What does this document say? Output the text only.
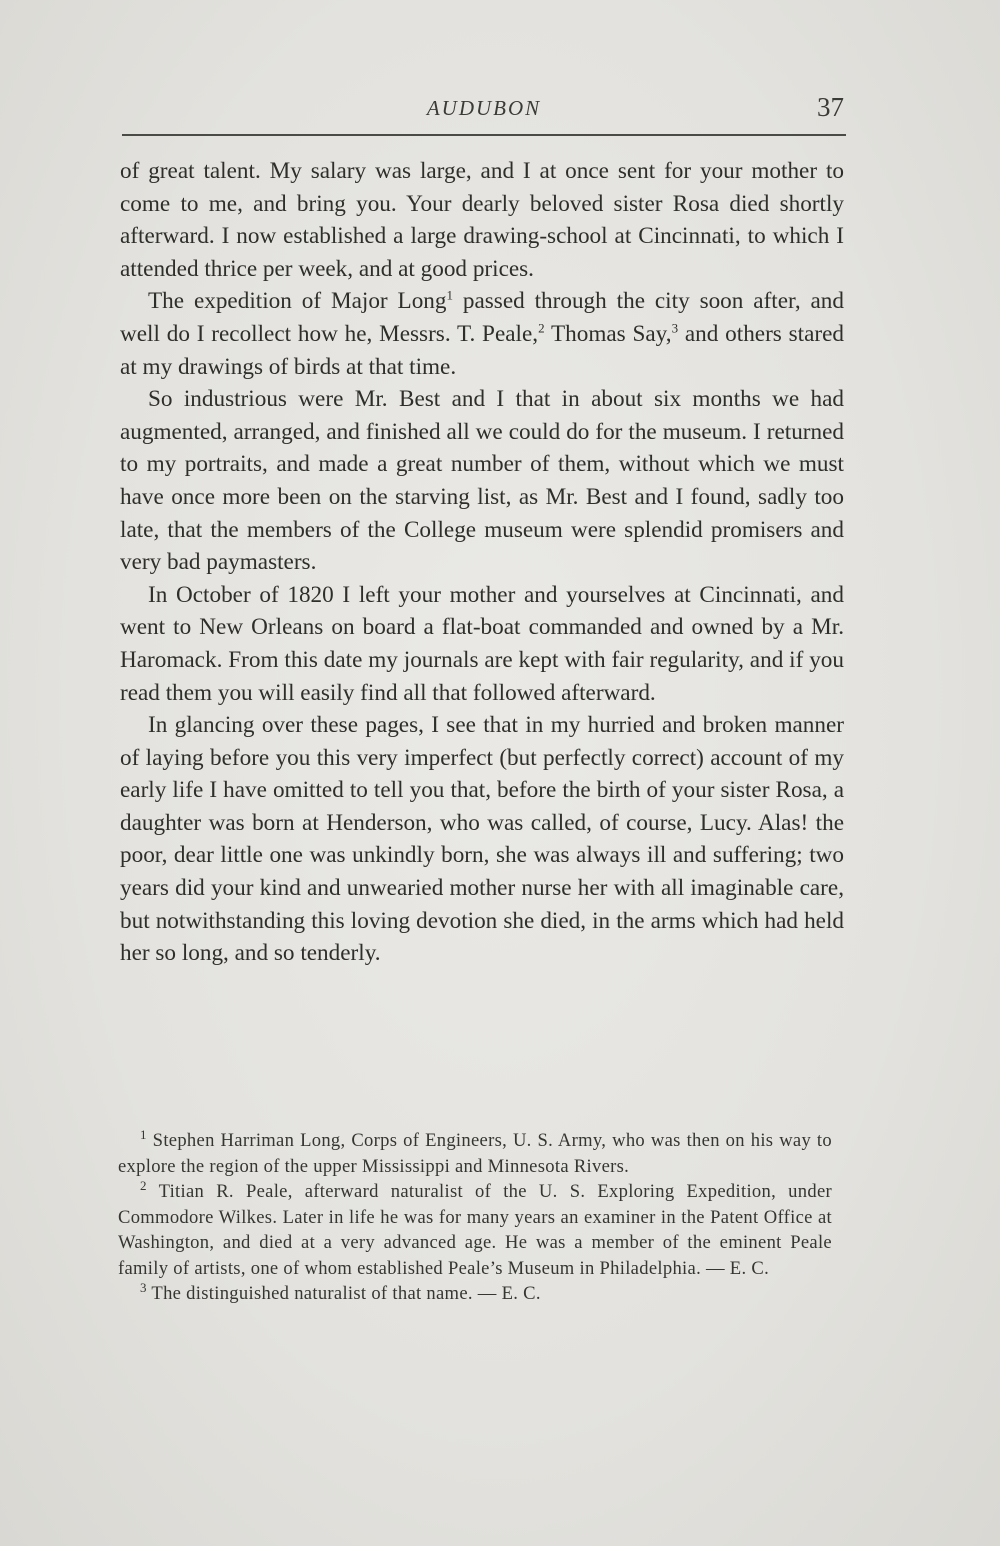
AUDUBON	37

of great talent. My salary was large, and I at once sent for your mother to come to me, and bring you. Your dearly beloved sister Rosa died shortly afterward. I now established a large drawing-school at Cincinnati, to which I attended thrice per week, and at good prices.

The expedition of Major Long$^1$ passed through the city soon after, and well do I recollect how he, Messrs. T. Peale,$^2$ Thomas Say,$^3$ and others stared at my drawings of birds at that time.

So industrious were Mr. Best and I that in about six months we had augmented, arranged, and finished all we could do for the museum. I returned to my portraits, and made a great number of them, without which we must have once more been on the starving list, as Mr. Best and I found, sadly too late, that the members of the College museum were splendid promisers and very bad paymasters.

In October of 1820 I left your mother and yourselves at Cincinnati, and went to New Orleans on board a flat-boat commanded and owned by a Mr. Haromack. From this date my journals are kept with fair regularity, and if you read them you will easily find all that followed afterward.

In glancing over these pages, I see that in my hurried and broken manner of laying before you this very imperfect (but perfectly correct) account of my early life I have omitted to tell you that, before the birth of your sister Rosa, a daughter was born at Henderson, who was called, of course, Lucy. Alas! the poor, dear little one was unkindly born, she was always ill and suffering; two years did your kind and unwearied mother nurse her with all imaginable care, but notwithstanding this loving devotion she died, in the arms which had held her so long, and so tenderly.

$^1$ Stephen Harriman Long, Corps of Engineers, U. S. Army, who was then on his way to explore the region of the upper Mississippi and Minnesota Rivers.

$^2$ Titian R. Peale, afterward naturalist of the U. S. Exploring Expedition, under Commodore Wilkes. Later in life he was for many years an examiner in the Patent Office at Washington, and died at a very advanced age. He was a member of the eminent Peale family of artists, one of whom established Peale’s Museum in Philadelphia. — E. C.

$^3$ The distinguished naturalist of that name. — E. C.
